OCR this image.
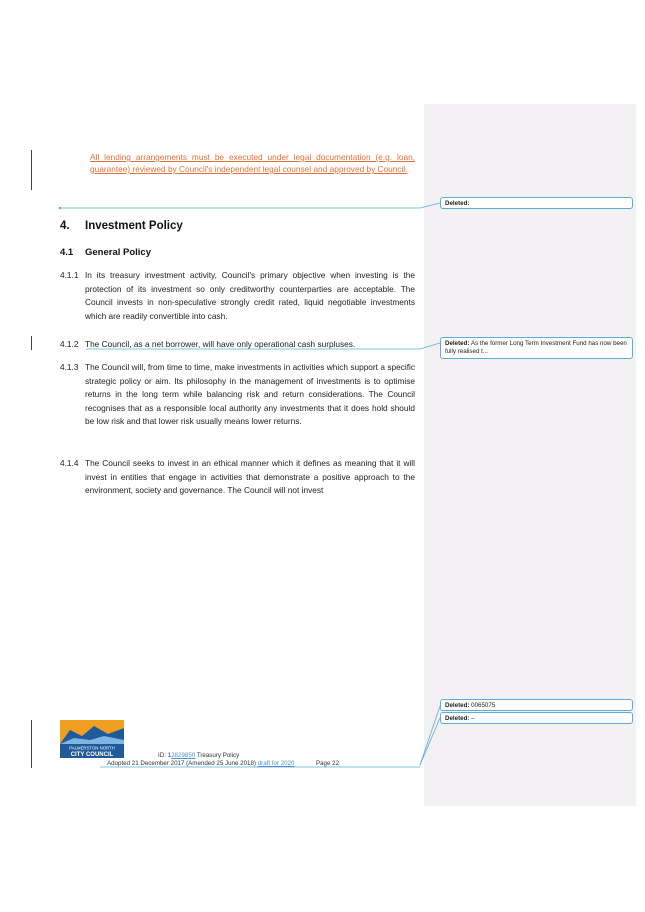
All lending arrangements must be executed under legal documentation (e.g. loan, guarantee) reviewed by Council's independent legal counsel and approved by Council.
4. Investment Policy
4.1 General Policy
4.1.1 In its treasury investment activity, Council's primary objective when investing is the protection of its investment so only creditworthy counterparties are acceptable. The Council invests in non-speculative strongly credit rated, liquid negotiable investments which are readily convertible into cash.
4.1.2 The Council, as a net borrower, will have only operational cash surpluses.
4.1.3 The Council will, from time to time, make investments in activities which support a specific strategic policy or aim. Its philosophy in the management of investments is to optimise returns in the long term while balancing risk and return considerations. The Council recognises that as a responsible local authority any investments that it does hold should be low risk and that lower risk usually means lower returns.
4.1.4 The Council seeks to invest in an ethical manner which it defines as meaning that it will invest in entities that engage in activities that demonstrate a positive approach to the environment, society and governance. The Council will not invest
Deleted:
Deleted: As the former Long Term Investment Fund has now been fully realised t...
Deleted: 0065075
Deleted: –
PALMERSTON NORTH
CITY COUNCIL	ID: 12829850 Treasury Policy
Adopted 21 December 2017 (Amended 25 June 2018) draft for 2020	Page 22
